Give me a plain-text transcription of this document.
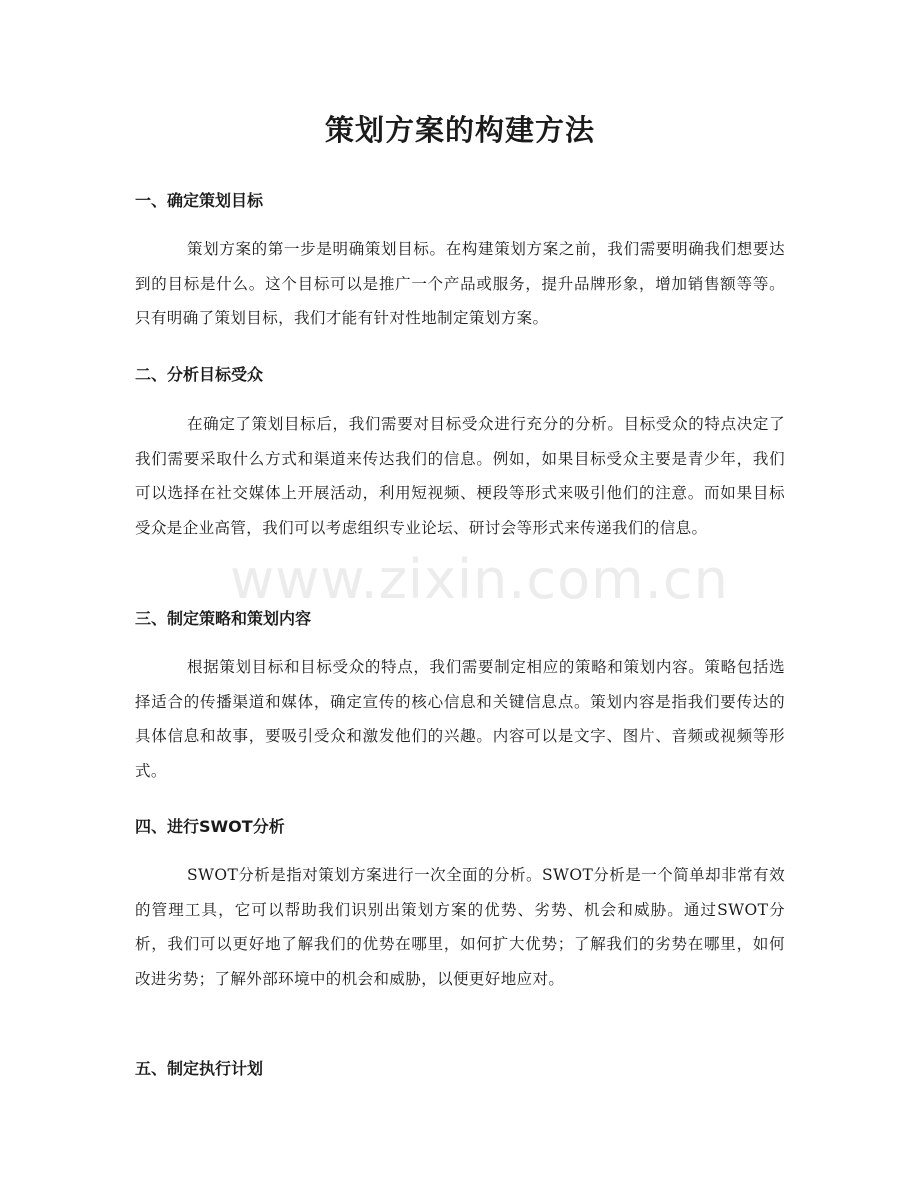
策划方案的构建方法
一、确定策划目标

策划方案的第一步是明确策划目标。在构建策划方案之前，我们需要明确我们想要达到的目标是什么。这个目标可以是推广一个产品或服务，提升品牌形象，增加销售额等等。只有明确了策划目标，我们才能有针对性地制定策划方案。

二、分析目标受众

在确定了策划目标后，我们需要对目标受众进行充分的分析。目标受众的特点决定了我们需要采取什么方式和渠道来传达我们的信息。例如，如果目标受众主要是青少年，我们可以选择在社交媒体上开展活动，利用短视频、梗段等形式来吸引他们的注意。而如果目标受众是企业高管，我们可以考虑组织专业论坛、研讨会等形式来传递我们的信息。

三、制定策略和策划内容

根据策划目标和目标受众的特点，我们需要制定相应的策略和策划内容。策略包括选择适合的传播渠道和媒体，确定宣传的核心信息和关键信息点。策划内容是指我们要传达的具体信息和故事，要吸引受众和激发他们的兴趣。内容可以是文字、图片、音频或视频等形式。

四、进行SWOT分析

SWOT分析是指对策划方案进行一次全面的分析。SWOT分析是一个简单却非常有效的管理工具，它可以帮助我们识别出策划方案的优势、劣势、机会和威胁。通过SWOT分析，我们可以更好地了解我们的优势在哪里，如何扩大优势；了解我们的劣势在哪里，如何改进劣势；了解外部环境中的机会和威胁，以便更好地应对。

五、制定执行计划
www.zixin.com.cn
